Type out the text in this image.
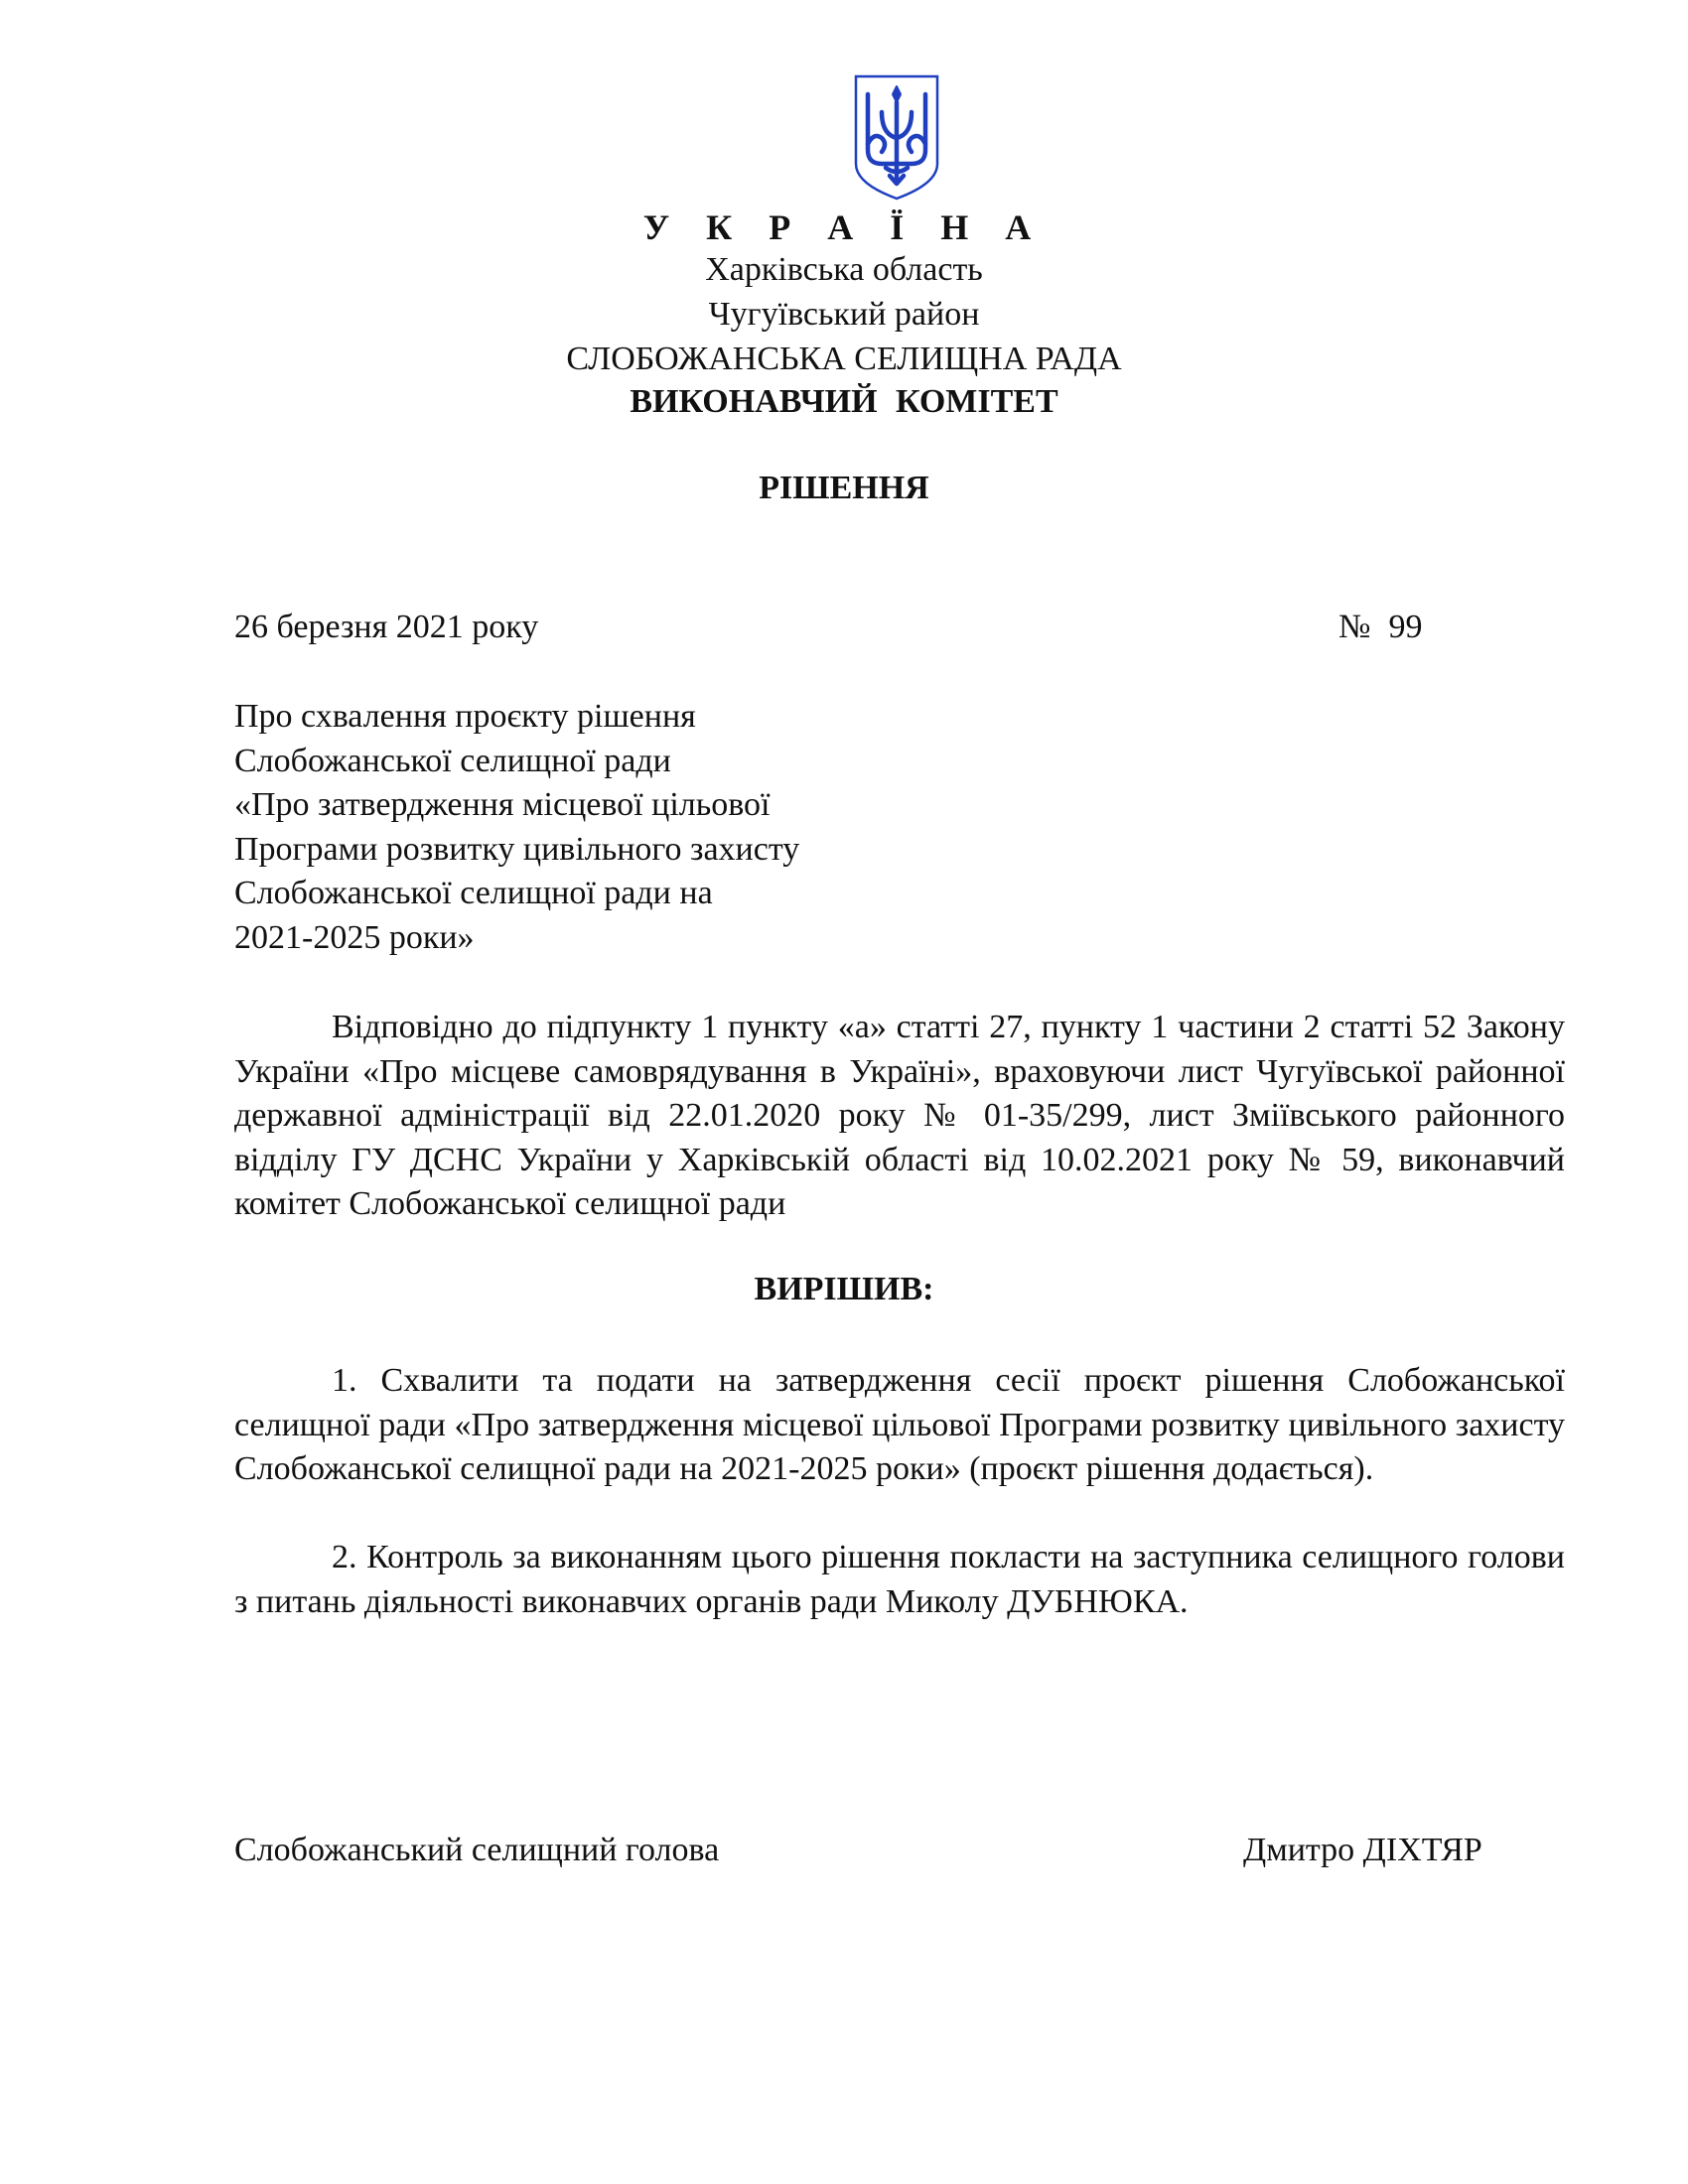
У К Р А Ї Н А
Харківська область
Чугуївський район
СЛОБОЖАНСЬКА СЕЛИЩНА РАДА
ВИКОНАВЧИЙ КОМІТЕТ
РІШЕННЯ
26 березня 2021 року	№ 99
Про схвалення проєкту рішення
Слобожанської селищної ради
«Про затвердження місцевої цільової
Програми розвитку цивільного захисту
Слобожанської селищної ради на
2021-2025 роки»
Відповідно до підпункту 1 пункту «а» статті 27, пункту 1 частини 2 статті 52 Закону України «Про місцеве самоврядування в Україні», враховуючи лист Чугуївської районної державної адміністрації від 22.01.2020 року № 01-35/299, лист Зміївського районного відділу ГУ ДСНС України у Харківській області від 10.02.2021 року № 59, виконавчий комітет Слобожанської селищної ради
ВИРІШИВ:
1. Схвалити та подати на затвердження сесії проєкт рішення Слобожанської селищної ради «Про затвердження місцевої цільової Програми розвитку цивільного захисту Слобожанської селищної ради на 2021-2025 роки» (проєкт рішення додається).
2. Контроль за виконанням цього рішення покласти на заступника селищного голови з питань діяльності виконавчих органів ради Миколу ДУБНЮКА.
Слобожанський селищний голова	Дмитро ДІХТЯР
